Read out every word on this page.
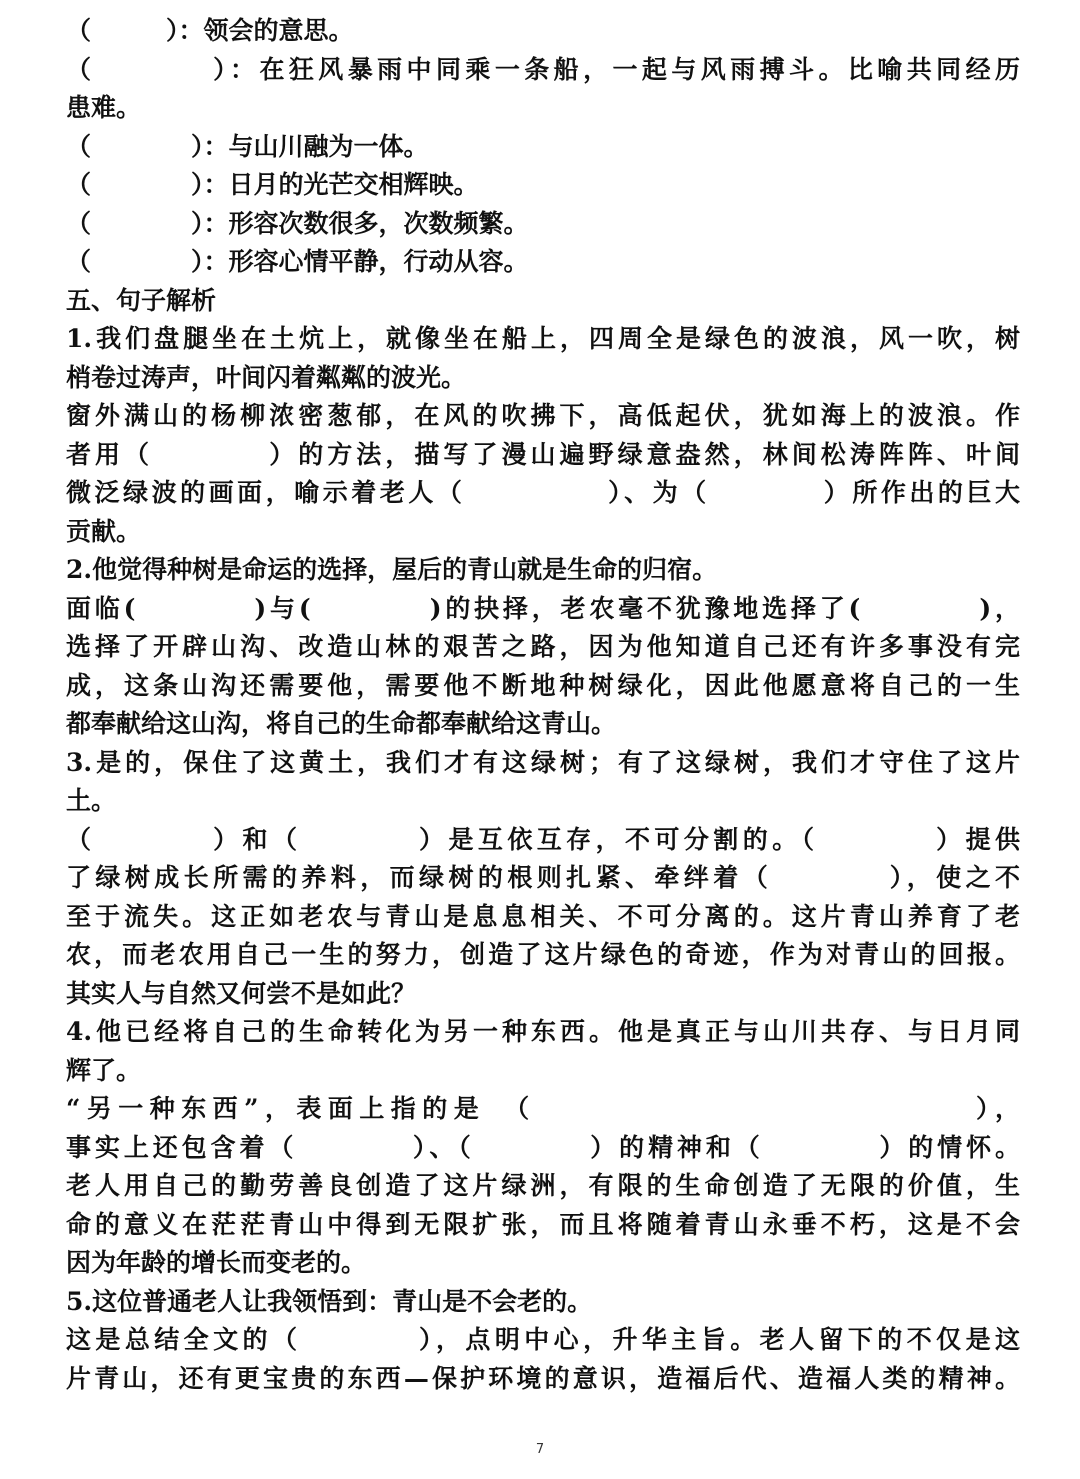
（　　　）：领会的意思。
（　　　　）：在狂风暴雨中同乘一条船，一起与风雨搏斗。比喻共同经历
患难。
（　　　　）：与山川融为一体。
（　　　　）：日月的光芒交相辉映。
（　　　　）：形容次数很多，次数频繁。
（　　　　）：形容心情平静，行动从容。
五、句子解析
1.我们盘腿坐在土炕上，就像坐在船上，四周全是绿色的波浪，风一吹，树
梢卷过涛声，叶间闪着粼粼的波光。
窗外满山的杨柳浓密葱郁，在风的吹拂下，高低起伏，犹如海上的波浪。作
者用（　　　　）的方法，描写了漫山遍野绿意盎然，林间松涛阵阵、叶间
微泛绿波的画面，喻示着老人（　　　　　）、为（　　　　）所作出的巨大
贡献。
2.他觉得种树是命运的选择，屋后的青山就是生命的归宿。
面临(　　　　)与(　　　　)的抉择，老农毫不犹豫地选择了(　　　　)，
选择了开辟山沟、改造山林的艰苦之路，因为他知道自己还有许多事没有完
成，这条山沟还需要他，需要他不断地种树绿化，因此他愿意将自己的一生
都奉献给这山沟，将自己的生命都奉献给这青山。
3.是的，保住了这黄土，我们才有这绿树；有了这绿树，我们才守住了这片
土。
（　　　　）和（　　　　）是互依互存，不可分割的。（　　　　）提供
了绿树成长所需的养料，而绿树的根则扎紧、牵绊着（　　　　），使之不
至于流失。这正如老农与青山是息息相关、不可分离的。这片青山养育了老
农，而老农用自己一生的努力，创造了这片绿色的奇迹，作为对青山的回报。
其实人与自然又何尝不是如此？
4.他已经将自己的生命转化为另一种东西。他是真正与山川共存、与日月同
辉了。
“另一种东西”，表面上指的是　（　　　　　　　　　　　　　　），
事实上还包含着（　　　　）、（　　　　）的精神和（　　　　）的情怀。
老人用自己的勤劳善良创造了这片绿洲，有限的生命创造了无限的价值，生
命的意义在茫茫青山中得到无限扩张，而且将随着青山永垂不朽，这是不会
因为年龄的增长而变老的。
5.这位普通老人让我领悟到：青山是不会老的。
这是总结全文的（　　　　），点明中心，升华主旨。老人留下的不仅是这
片青山，还有更宝贵的东西—保护环境的意识，造福后代、造福人类的精神。
7
